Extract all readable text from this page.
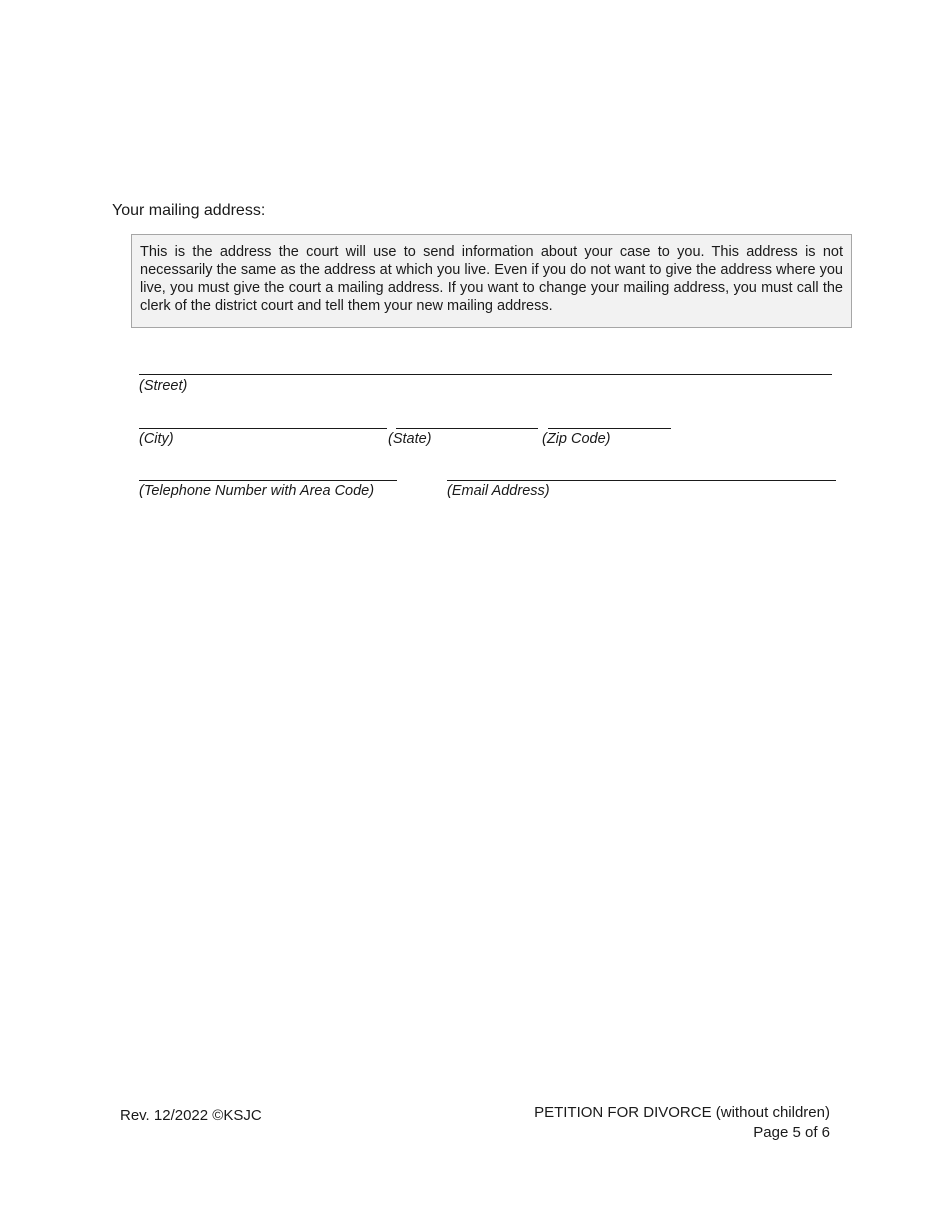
Your mailing address:
This is the address the court will use to send information about your case to you. This address is not necessarily the same as the address at which you live. Even if you do not want to give the address where you live, you must give the court a mailing address. If you want to change your mailing address, you must call the clerk of the district court and tell them your new mailing address.
(Street)
(City)	(State)	(Zip Code)
(Telephone Number with Area Code)	(Email Address)
Rev. 12/2022 ©KSJC	PETITION FOR DIVORCE (without children)
Page 5 of 6
